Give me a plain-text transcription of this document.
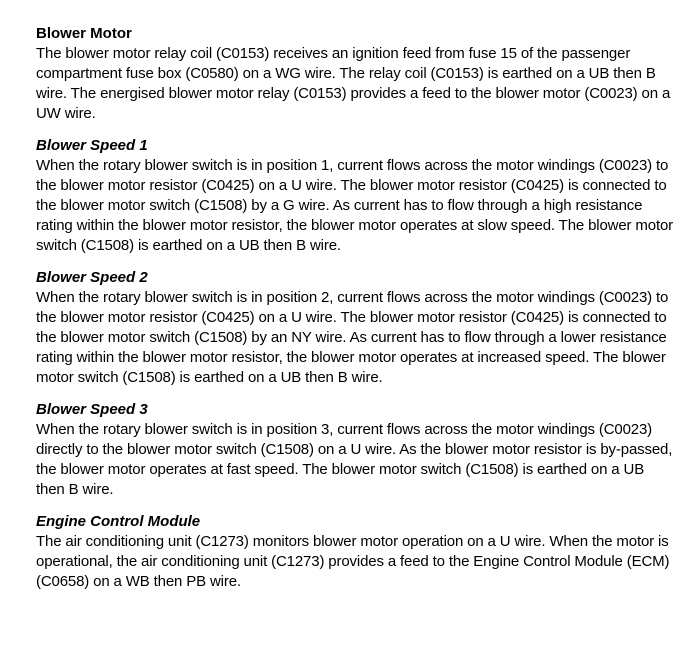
Blower Motor

The blower motor relay coil (C0153) receives an ignition feed from fuse 15 of the passenger compartment fuse box (C0580) on a WG wire. The relay coil (C0153) is earthed on a UB then B wire. The energised blower motor relay (C0153) provides a feed to the blower motor (C0023) on a UW wire.

Blower Speed 1

When the rotary blower switch is in position 1, current flows across the motor windings (C0023) to the blower motor resistor (C0425) on a U wire. The blower motor resistor (C0425) is connected to the blower motor switch (C1508) by a G wire. As current has to flow through a high resistance rating within the blower motor resistor, the blower motor operates at slow speed. The blower motor switch (C1508) is earthed on a UB then B wire.

Blower Speed 2

When the rotary blower switch is in position 2, current flows across the motor windings (C0023) to the blower motor resistor (C0425) on a U wire. The blower motor resistor (C0425) is connected to the blower motor switch (C1508) by an NY wire. As current has to flow through a lower resistance rating within the blower motor resistor, the blower motor operates at increased speed. The blower motor switch (C1508) is earthed on a UB then B wire.

Blower Speed 3

When the rotary blower switch is in position 3, current flows across the motor windings (C0023) directly to the blower motor switch (C1508) on a U wire. As the blower motor resistor is by-passed, the blower motor operates at fast speed. The blower motor switch (C1508) is earthed on a UB then B wire.

Engine Control Module

The air conditioning unit (C1273) monitors blower motor operation on a U wire. When the motor is operational, the air conditioning unit (C1273) provides a feed to the Engine Control Module (ECM) (C0658) on a WB then PB wire.
